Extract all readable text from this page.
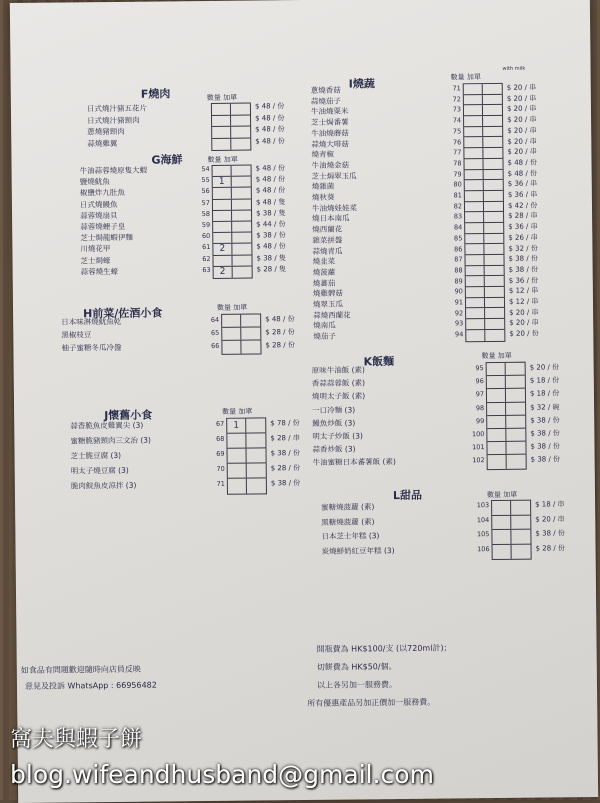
F燒肉	數量 加單
G海鮮	數量 加單
1
2
2
H前菜/佐酒小食	數量 加單
J懷舊小食	數量 加單
1
I燒蔬	數量 加單
with milk
K飯麵	數量 加單
L甜品	數量 加單
如食品有問題歡迎隨時向店員反映
意見及投訴 WhatsApp : 66956482
開瓶費為 HK$100/支 (以720ml計)；
切餅費為 HK$50/個。
以上各另加一服務費。
所有優惠產品另加正價加一服務費。
日式燒汁豬五花片	$ 48 / 份
日式燒汁豬頸肉	$ 48 / 份
蔥燒豬頸肉	$ 48 / 份
蒜燒雞翼	$ 48 / 份
牛油蒜蓉燒原隻大蝦	54	$ 48 / 份
鹽燒魷魚	55	$ 48 / 份
椒鹽炸九肚魚	56	$ 48 / 份
日式燒鰻魚	57	$ 48 / 隻
蒜蓉燒扇貝	58	$ 38 / 隻
蒜蓉燒蟶子皇	59	$ 44 / 份
芝士焗龍蝦伊麵	60	$ 38 / 份
川燒花甲	61	$ 48 / 份
芝士焗蠔	62	$ 38 / 隻
蒜蓉燒生蠔	63	$ 28 / 隻
日本味淋燒魷魚乾	64	$ 48 / 份
黑椒枝豆	65	$ 28 / 份
柚子蜜糖冬瓜冷盤	66	$ 28 / 份
蒜香脆魚皮雞翼尖 (3)	67	$ 78 / 份
蜜糖脆豬頸肉三文治 (3)	68	$ 28 / 串
芝士脆豆腐 (3)	69	$ 38 / 份
明太子燒豆腐 (3)	70	$ 28 / 份
脆肉鯇魚皮涼拌 (3)	71	$ 38 / 份
蔥燒香菇	71	$ 20 / 串
蒜燒茄子	72	$ 20 / 串
牛油燒粟米	73	$ 20 / 串
芝士焗番薯	74	$ 20 / 串
牛油燒蘑菇	75	$ 20 / 串
蒜燒大啡菇	76	$ 20 / 串
燒青椒	77	$ 20 / 串
牛油燒金菇	78	$ 48 / 份
芝士焗翠玉瓜	79	$ 48 / 份
燒雜菌	80	$ 36 / 串
燒秋葵	81	$ 36 / 串
牛油燒娃娃菜	82	$ 42 / 份
燒日本南瓜	83	$ 28 / 串
燒西蘭花	84	$ 36 / 串
雜菜拼盤	85	$ 26 / 串
蒜燒青瓜	86	$ 32 / 份
燒韭菜	87	$ 38 / 份
燒菠蘿	88	$ 38 / 份
燒蕃茄	89	$ 36 / 份
燒雞髀菇	90	$ 12 / 串
燒翠玉瓜	91	$ 12 / 串
蒜燒西蘭花	92	$ 20 / 串
燒南瓜	93	$ 20 / 串
燒茄子	94	$ 20 / 份
原味牛油飯 (素)	95	$ 20 / 份
香蒜蒜蓉飯 (素)	96	$ 18 / 份
燒明太子飯 (素)	97	$ 18 / 份
一口冷麵 (3)	98	$ 32 / 碗
鰻魚炒飯 (3)	99	$ 38 / 份
明太子炒飯 (3)	100	$ 38 / 份
蒜香炒飯 (3)	101	$ 38 / 份
牛油蜜糖日本蕃薯飯 (素)	102	$ 38 / 份
蜜糖燒菠蘿 (素)	103	$ 18 / 串
黑糖燒菠蘿 (素)	104	$ 20 / 串
日本芝士年糕 (3)	105	$ 38 / 份
炭燒鮮奶紅豆年糕 (3)	106	$ 28 / 份
窩夫與蝦子餅
blog.wifeandhusband@gmail.com
